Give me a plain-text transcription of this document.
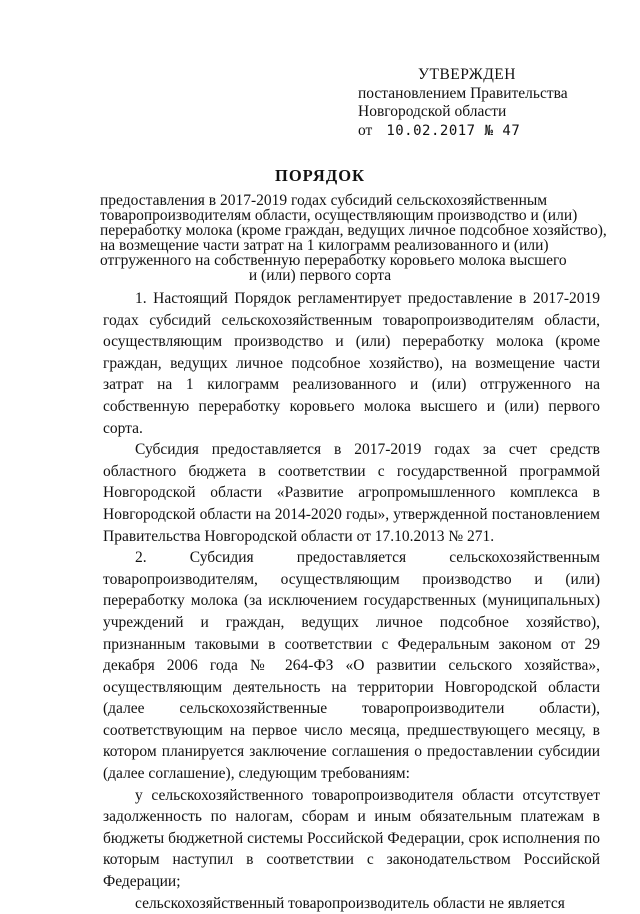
УТВЕРЖДЕН
постановлением Правительства
Новгородской области
от 10.02.2017 № 47
ПОРЯДОК
предоставления в 2017-2019 годах субсидий сельскохозяйственным
товаропроизводителям области, осуществляющим производство и (или)
переработку молока (кроме граждан, ведущих личное подсобное хозяйство),
на возмещение части затрат на 1 килограмм реализованного и (или)
отгруженного на собственную переработку коровьего молока высшего
и (или) первого сорта

1. Настоящий Порядок регламентирует предоставление в 2017-2019 годах субсидий сельскохозяйственным товаропроизводителям области, осуществляющим производство и (или) переработку молока (кроме граждан, ведущих личное подсобное хозяйство), на возмещение части затрат на 1 килограмм реализованного и (или) отгруженного на собственную переработку коровьего молока высшего и (или) первого сорта.

Субсидия предоставляется в 2017-2019 годах за счет средств областного бюджета в соответствии с государственной программой Новгородской области «Развитие агропромышленного комплекса в Новгородской области на 2014-2020 годы», утвержденной постановлением Правительства Новгородской области от 17.10.2013 № 271.

2. Субсидия предоставляется сельскохозяйственным товаропроизводителям, осуществляющим производство и (или) переработку молока (за исключением государственных (муниципальных) учреждений и граждан, ведущих личное подсобное хозяйство), признанным таковыми в соответствии с Федеральным законом от 29 декабря 2006 года № 264-ФЗ «О развитии сельского хозяйства», осуществляющим деятельность на территории Новгородской области (далее сельскохозяйственные товаропроизводители области), соответствующим на первое число месяца, предшествующего месяцу, в котором планируется заключение соглашения о предоставлении субсидии (далее соглашение), следующим требованиям:

у сельскохозяйственного товаропроизводителя области отсутствует задолженность по налогам, сборам и иным обязательным платежам в бюджеты бюджетной системы Российской Федерации, срок исполнения по которым наступил в соответствии с законодательством Российской Федерации;

сельскохозяйственный товаропроизводитель области не является
